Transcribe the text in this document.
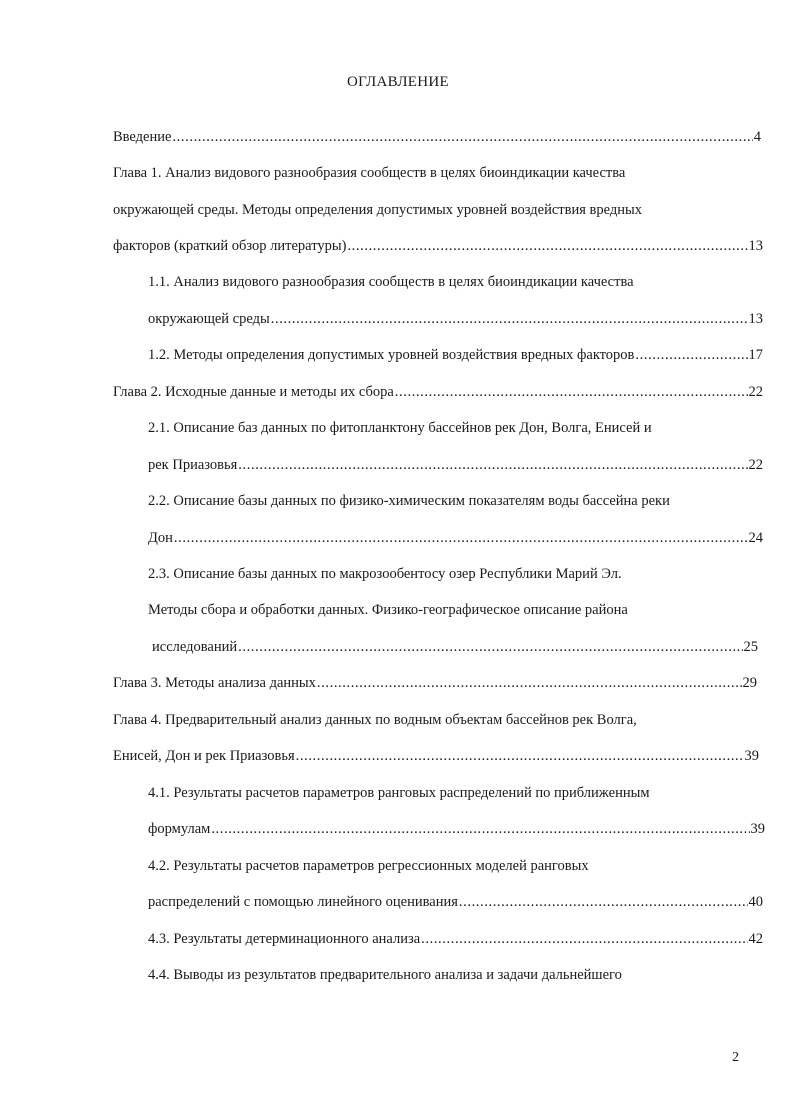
ОГЛАВЛЕНИЕ
Введение .....	4
Глава 1. Анализ видового разнообразия сообществ в целях биоиндикации качества
окружающей среды. Методы определения допустимых уровней воздействия вредных
факторов (краткий обзор литературы) .....	13
1.1. Анализ видового разнообразия сообществ в целях биоиндикации качества
окружающей среды .....	13
1.2. Методы определения допустимых уровней воздействия вредных факторов .....	17
Глава 2. Исходные данные и методы их сбора .....	22
2.1. Описание баз данных по фитопланктону бассейнов рек Дон, Волга, Енисей и
рек Приазовья .....	22
2.2. Описание базы данных по физико-химическим показателям воды бассейна реки
Дон .....	24
2.3. Описание базы данных по макрозообентосу озер Республики Марий Эл.
Методы сбора и обработки данных. Физико-географическое описание района
исследований .....	25
Глава 3. Методы анализа данных .....	29
Глава 4. Предварительный анализ данных по водным объектам бассейнов рек Волга,
Енисей, Дон и рек Приазовья .....	39
4.1. Результаты расчетов параметров ранговых распределений по приближенным
формулам .....	39
4.2. Результаты расчетов параметров регрессионных моделей ранговых
распределений с помощью линейного оценивания .....	40
4.3. Результаты детерминационного анализа .....	42
4.4. Выводы из результатов предварительного анализа и задачи дальнейшего
2
